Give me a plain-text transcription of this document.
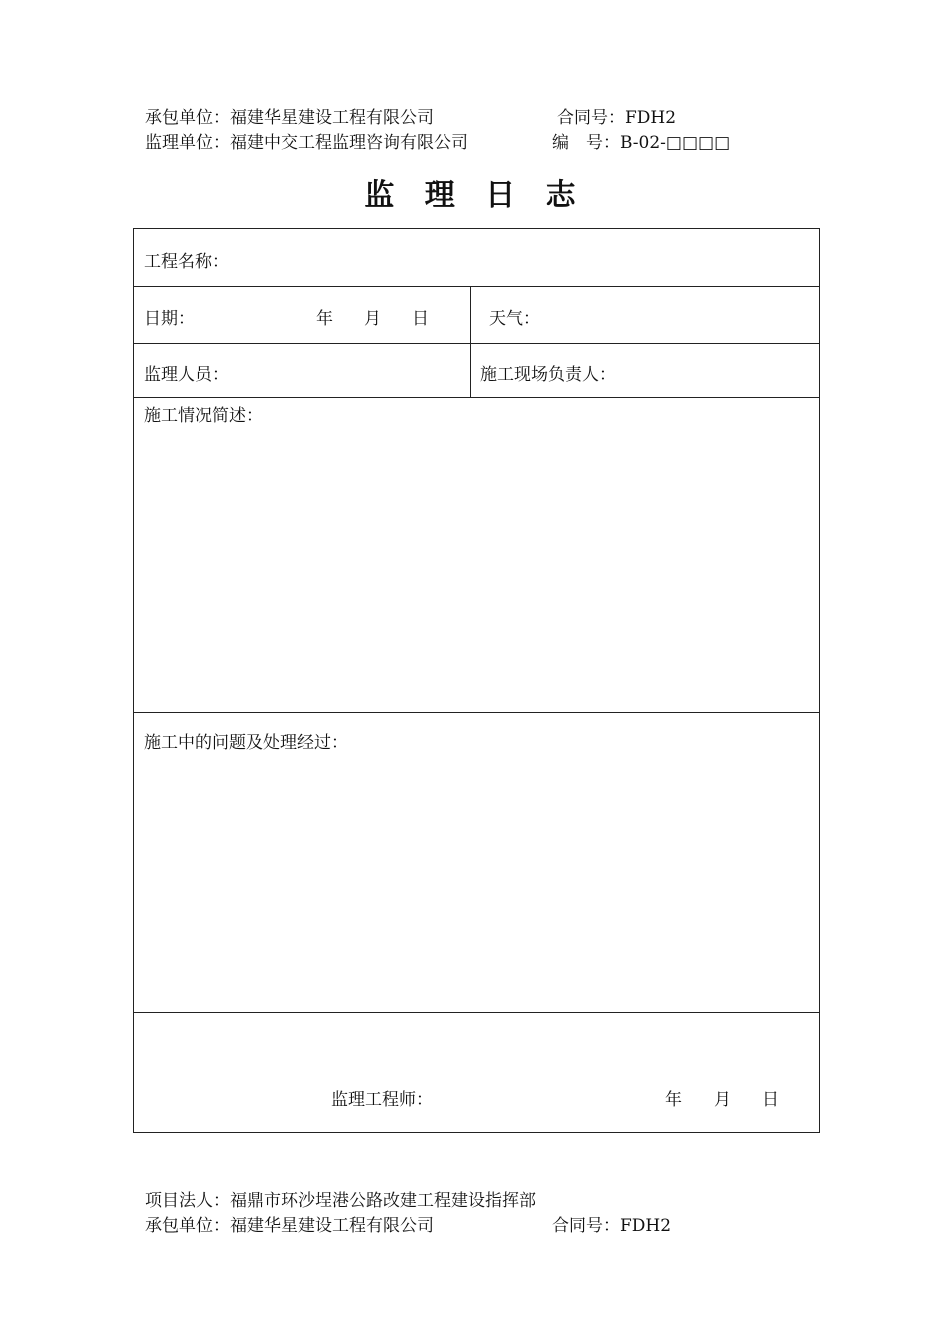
承包单位：福建华星建设工程有限公司	合同号：FDH2
监理单位：福建中交工程监理咨询有限公司	编　号：B-02-□□□□
监 理 日 志
工程名称：
日期：	年 月 日	天气：
监理人员：	施工现场负责人：
施工情况简述：
施工中的问题及处理经过：
监理工程师：	年 月 日
项目法人：福鼎市环沙埕港公路改建工程建设指挥部
承包单位：福建华星建设工程有限公司	合同号：FDH2
